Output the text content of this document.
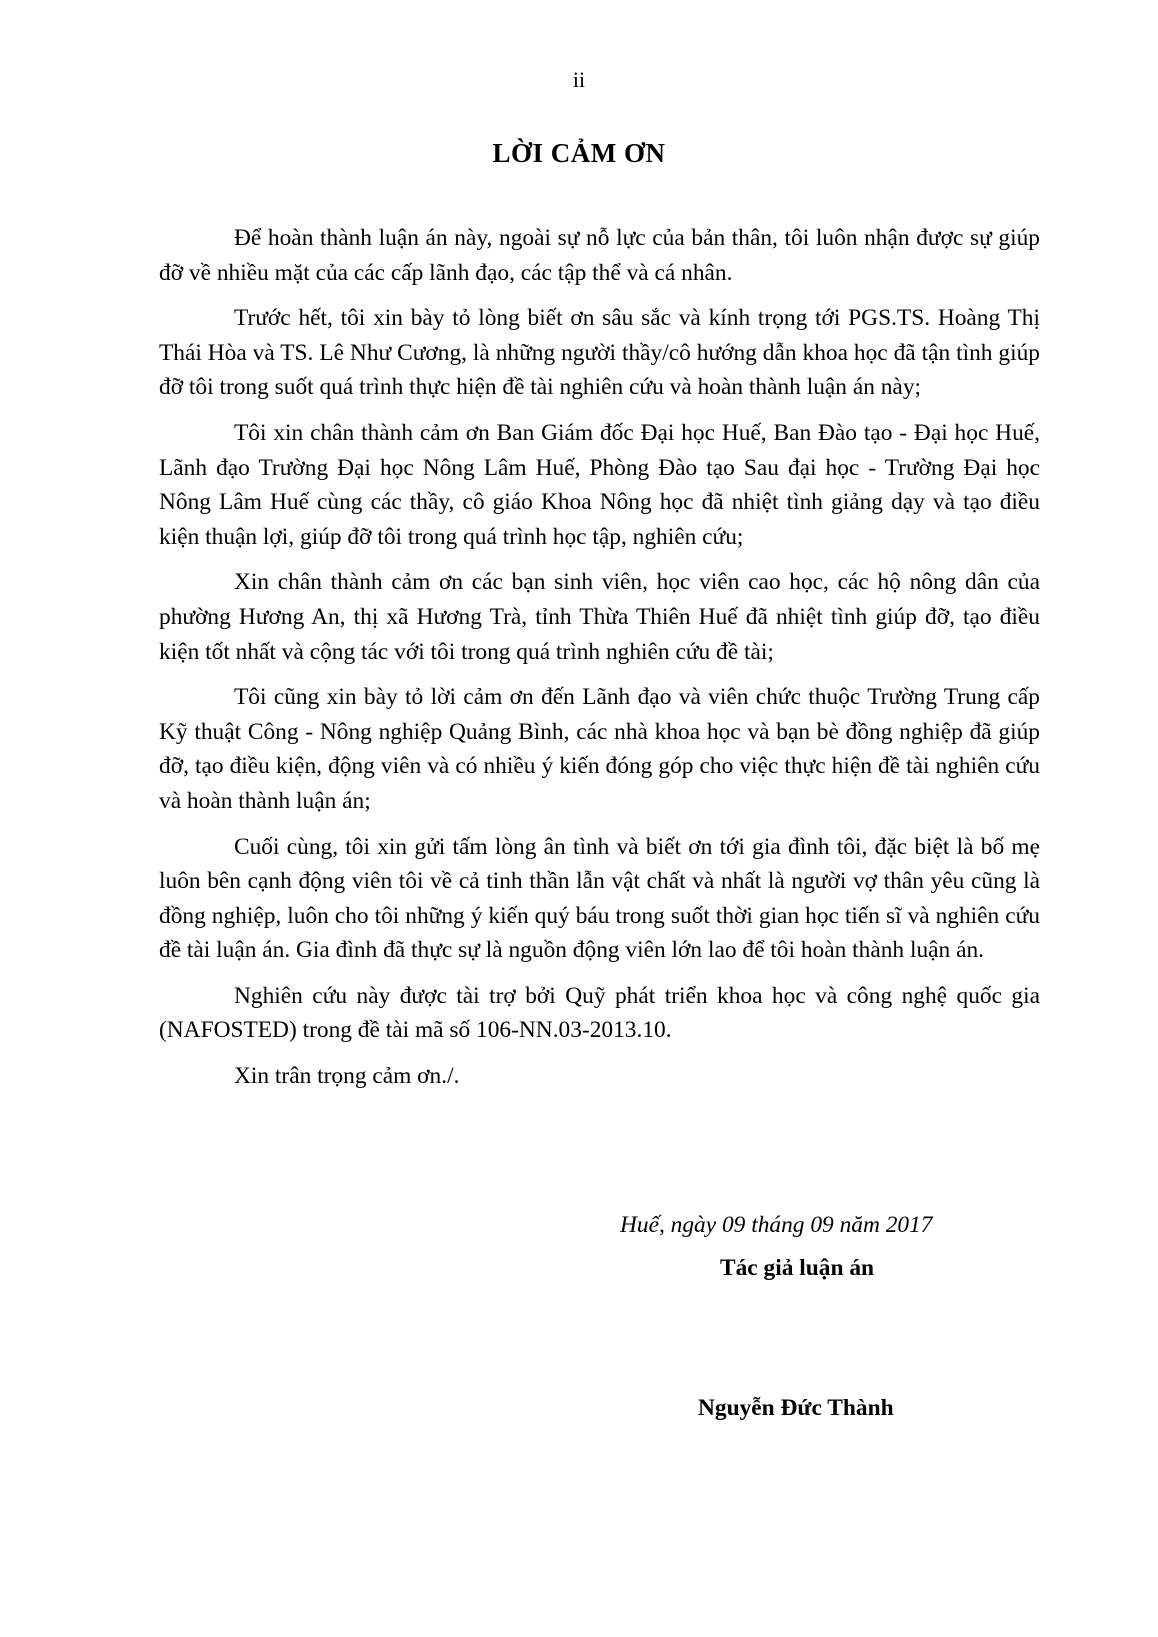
ii
LỜI CẢM ƠN

Để hoàn thành luận án này, ngoài sự nỗ lực của bản thân, tôi luôn nhận được sự giúp đỡ về nhiều mặt của các cấp lãnh đạo, các tập thể và cá nhân.

Trước hết, tôi xin bày tỏ lòng biết ơn sâu sắc và kính trọng tới PGS.TS. Hoàng Thị Thái Hòa và TS. Lê Như Cương, là những người thầy/cô hướng dẫn khoa học đã tận tình giúp đỡ tôi trong suốt quá trình thực hiện đề tài nghiên cứu và hoàn thành luận án này;

Tôi xin chân thành cảm ơn Ban Giám đốc Đại học Huế, Ban Đào tạo - Đại học Huế, Lãnh đạo Trường Đại học Nông Lâm Huế, Phòng Đào tạo Sau đại học - Trường Đại học Nông Lâm Huế cùng các thầy, cô giáo Khoa Nông học đã nhiệt tình giảng dạy và tạo điều kiện thuận lợi, giúp đỡ tôi trong quá trình học tập, nghiên cứu;

Xin chân thành cảm ơn các bạn sinh viên, học viên cao học, các hộ nông dân của phường Hương An, thị xã Hương Trà, tỉnh Thừa Thiên Huế đã nhiệt tình giúp đỡ, tạo điều kiện tốt nhất và cộng tác với tôi trong quá trình nghiên cứu đề tài;

Tôi cũng xin bày tỏ lời cảm ơn đến Lãnh đạo và viên chức thuộc Trường Trung cấp Kỹ thuật Công - Nông nghiệp Quảng Bình, các nhà khoa học và bạn bè đồng nghiệp đã giúp đỡ, tạo điều kiện, động viên và có nhiều ý kiến đóng góp cho việc thực hiện đề tài nghiên cứu và hoàn thành luận án;

Cuối cùng, tôi xin gửi tấm lòng ân tình và biết ơn tới gia đình tôi, đặc biệt là bố mẹ luôn bên cạnh động viên tôi về cả tinh thần lẫn vật chất và nhất là người vợ thân yêu cũng là đồng nghiệp, luôn cho tôi những ý kiến quý báu trong suốt thời gian học tiến sĩ và nghiên cứu đề tài luận án. Gia đình đã thực sự là nguồn động viên lớn lao để tôi hoàn thành luận án.

Nghiên cứu này được tài trợ bởi Quỹ phát triển khoa học và công nghệ quốc gia (NAFOSTED) trong đề tài mã số 106-NN.03-2013.10.

Xin trân trọng cảm ơn./.

Huế, ngày 09 tháng 09 năm 2017
Tác giả luận án
Nguyễn Đức Thành
